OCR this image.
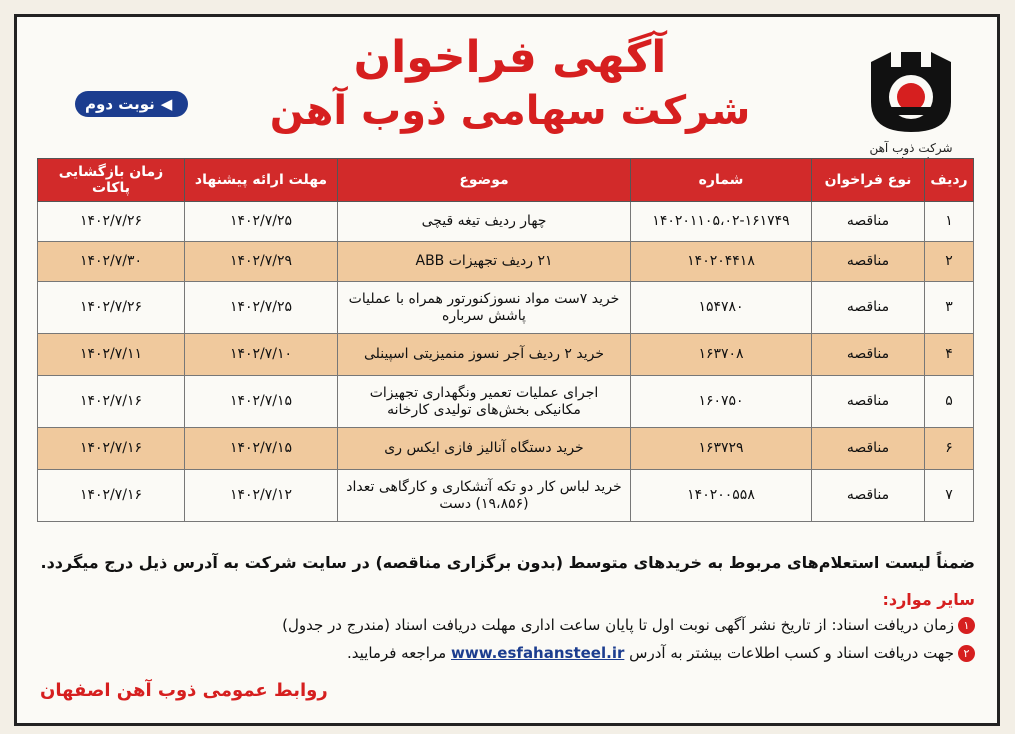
شرکت ذوب آهن
◀نوبت دوم
آگهی فراخوان
شرکت سهامی ذوب آهن
ردیف	نوع فراخوان	شماره	موضوع	مهلت ارائه پیشنهاد	زمان بازگشایی پاکات
۱	مناقصه	۱۴۰۲۰۱۱۰۵،۰۲-۱۶۱۷۴۹	چهار ردیف تیغه قیچی	۱۴۰۲/۷/۲۵	۱۴۰۲/۷/۲۶
۲	مناقصه	۱۴۰۲۰۴۴۱۸	۲۱ ردیف تجهیزات ABB	۱۴۰۲/۷/۲۹	۱۴۰۲/۷/۳۰
۳	مناقصه	۱۵۴۷۸۰	خرید ۷ست مواد نسوزکنورتور همراه با عملیات پاشش سرباره	۱۴۰۲/۷/۲۵	۱۴۰۲/۷/۲۶
۴	مناقصه	۱۶۳۷۰۸	خرید ۲ ردیف آجر نسوز منمیزیتی اسپینلی	۱۴۰۲/۷/۱۰	۱۴۰۲/۷/۱۱
۵	مناقصه	۱۶۰۷۵۰	اجرای عملیات تعمیر ونگهداری تجهیزات مکانیکی بخش‌های تولیدی کارخانه	۱۴۰۲/۷/۱۵	۱۴۰۲/۷/۱۶
۶	مناقصه	۱۶۳۷۲۹	خرید دستگاه آنالیز فازی ایکس ری	۱۴۰۲/۷/۱۵	۱۴۰۲/۷/۱۶
۷	مناقصه	۱۴۰۲۰۰۵۵۸	خرید لباس کار دو تکه آتشکاری و کارگاهی تعداد (۱۹،۸۵۶) دست	۱۴۰۲/۷/۱۲	۱۴۰۲/۷/۱۶
ضمناً لیست استعلام‌های مربوط به خریدهای متوسط (بدون برگزاری مناقصه) در سایت شرکت به آدرس ذیل درج میگردد.
سایر موارد:
۱زمان دریافت اسناد: از تاریخ نشر آگهی نوبت اول تا پایان ساعت اداری مهلت دریافت اسناد (مندرج در جدول)
۲جهت دریافت اسناد و کسب اطلاعات بیشتر به آدرس www.esfahansteel.ir مراجعه فرمایید.
روابط عمومی ذوب آهن اصفهان
